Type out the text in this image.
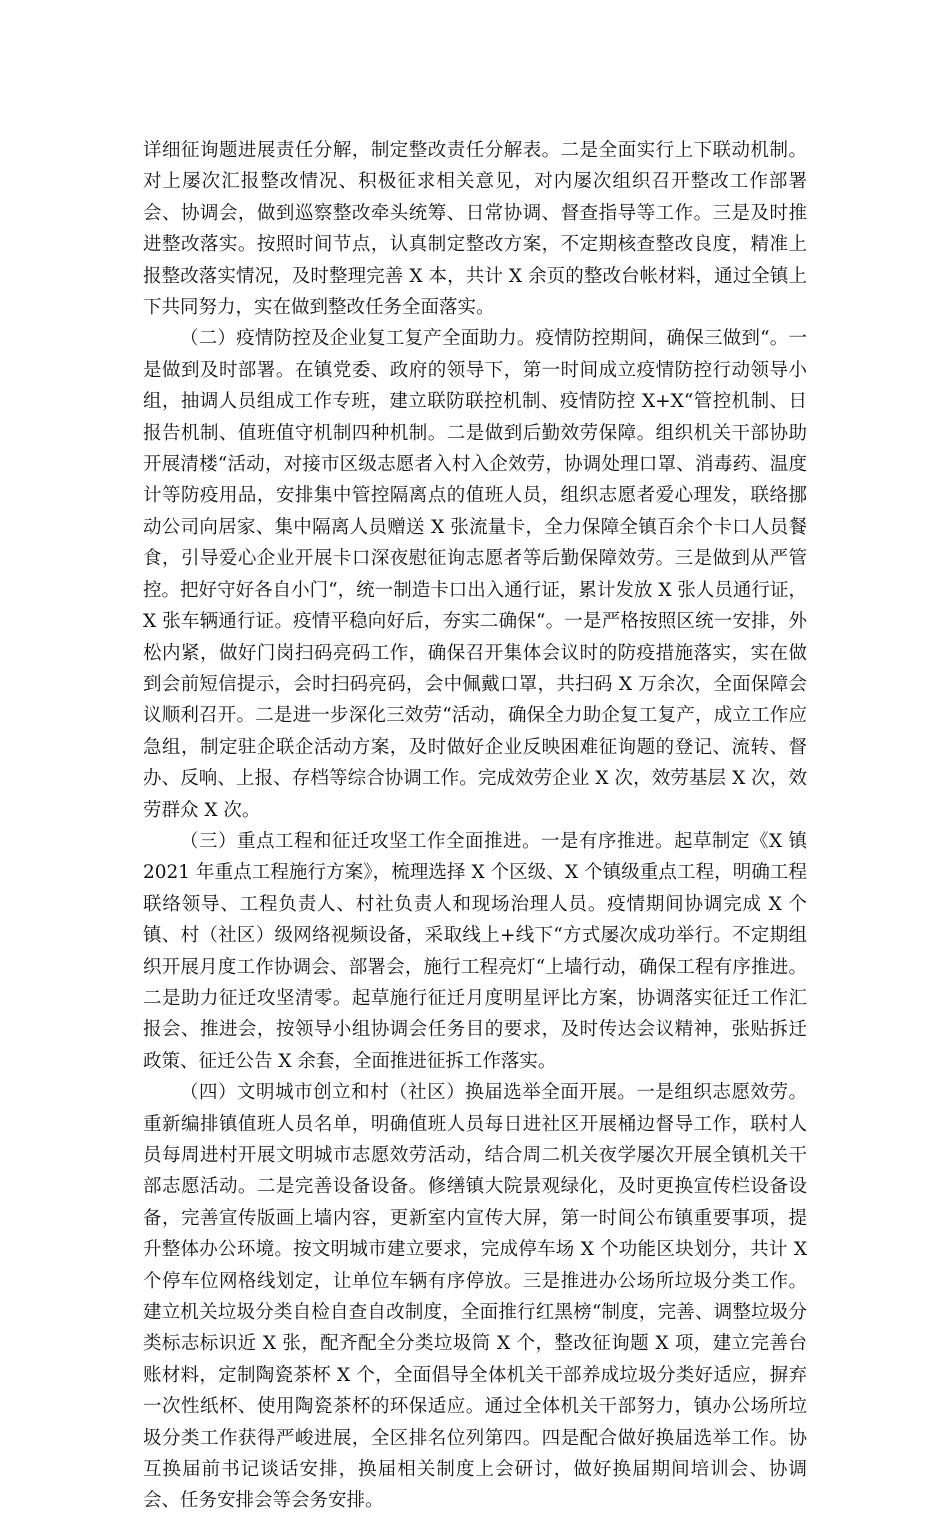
详细征询题进展责任分解，制定整改责任分解表。二是全面实行上下联动机制。对上屡次汇报整改情况、积极征求相关意见，对内屡次组织召开整改工作部署会、协调会，做到巡察整改牵头统筹、日常协调、督查指导等工作。三是及时推进整改落实。按照时间节点，认真制定整改方案，不定期核查整改良度，精准上报整改落实情况，及时整理完善 X 本，共计 X 余页的整改台帐材料，通过全镇上下共同努力，实在做到整改任务全面落实。

（二）疫情防控及企业复工复产全面助力。疫情防控期间，确保三做到“。一是做到及时部署。在镇党委、政府的领导下，第一时间成立疫情防控行动领导小组，抽调人员组成工作专班，建立联防联控机制、疫情防控 X+X“管控机制、日报告机制、值班值守机制四种机制。二是做到后勤效劳保障。组织机关干部协助开展清楼“活动，对接市区级志愿者入村入企效劳，协调处理口罩、消毒药、温度计等防疫用品，安排集中管控隔离点的值班人员，组织志愿者爱心理发，联络挪动公司向居家、集中隔离人员赠送 X 张流量卡，全力保障全镇百余个卡口人员餐食，引导爱心企业开展卡口深夜慰征询志愿者等后勤保障效劳。三是做到从严管控。把好守好各自小门“，统一制造卡口出入通行证，累计发放 X 张人员通行证，X 张车辆通行证。疫情平稳向好后，夯实二确保“。一是严格按照区统一安排，外松内紧，做好门岗扫码亮码工作，确保召开集体会议时的防疫措施落实，实在做到会前短信提示，会时扫码亮码，会中佩戴口罩，共扫码 X 万余次，全面保障会议顺利召开。二是进一步深化三效劳“活动，确保全力助企复工复产，成立工作应急组，制定驻企联企活动方案，及时做好企业反映困难征询题的登记、流转、督办、反响、上报、存档等综合协调工作。完成效劳企业 X 次，效劳基层 X 次，效劳群众 X 次。

（三）重点工程和征迁攻坚工作全面推进。一是有序推进。起草制定《X 镇 2021 年重点工程施行方案》，梳理选择 X 个区级、X 个镇级重点工程，明确工程联络领导、工程负责人、村社负责人和现场治理人员。疫情期间协调完成 X 个镇、村（社区）级网络视频设备，采取线上+线下“方式屡次成功举行。不定期组织开展月度工作协调会、部署会，施行工程亮灯“上墙行动，确保工程有序推进。二是助力征迁攻坚清零。起草施行征迁月度明星评比方案，协调落实征迁工作汇报会、推进会，按领导小组协调会任务目的要求，及时传达会议精神，张贴拆迁政策、征迁公告 X 余套，全面推进征拆工作落实。

（四）文明城市创立和村（社区）换届选举全面开展。一是组织志愿效劳。重新编排镇值班人员名单，明确值班人员每日进社区开展桶边督导工作，联村人员每周进村开展文明城市志愿效劳活动，结合周二机关夜学屡次开展全镇机关干部志愿活动。二是完善设备设备。修缮镇大院景观绿化，及时更换宣传栏设备设备，完善宣传版画上墙内容，更新室内宣传大屏，第一时间公布镇重要事项，提升整体办公环境。按文明城市建立要求，完成停车场 X 个功能区块划分，共计 X 个停车位网格线划定，让单位车辆有序停放。三是推进办公场所垃圾分类工作。建立机关垃圾分类自检自查自改制度，全面推行红黑榜“制度，完善、调整垃圾分类标志标识近 X 张，配齐配全分类垃圾筒 X 个，整改征询题 X 项，建立完善台账材料，定制陶瓷茶杯 X 个，全面倡导全体机关干部养成垃圾分类好适应，摒弃一次性纸杯、使用陶瓷茶杯的环保适应。通过全体机关干部努力，镇办公场所垃圾分类工作获得严峻进展，全区排名位列第四。四是配合做好换届选举工作。协互换届前书记谈话安排，换届相关制度上会研讨，做好换届期间培训会、协调会、任务安排会等会务安排。
